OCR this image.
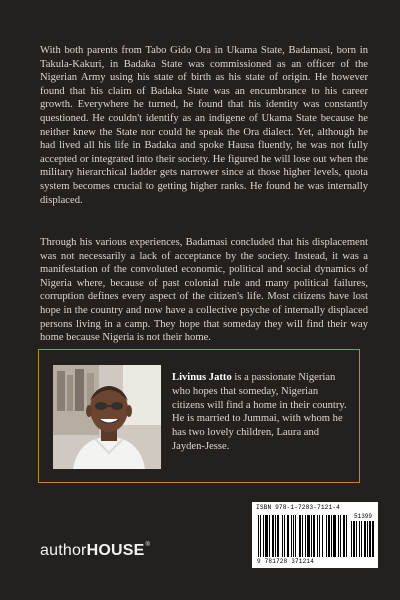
With both parents from Tabo Gido Ora in Ukama State, Badamasi, born in Takula-Kakuri, in Badaka State was commissioned as an officer of the Nigerian Army using his state of birth as his state of origin. He however found that his claim of Badaka State was an encumbrance to his career growth. Everywhere he turned, he found that his identity was constantly questioned. He couldn't identify as an indigene of Ukama State because he neither knew the State nor could he speak the Ora dialect. Yet, although he had lived all his life in Badaka and spoke Hausa fluently, he was not fully accepted or integrated into their society. He figured he will lose out when the military hierarchical ladder gets narrower since at those higher levels, quota system becomes crucial to getting higher ranks. He found he was internally displaced.

Through his various experiences, Badamasi concluded that his displacement was not necessarily a lack of acceptance by the society. Instead, it was a manifestation of the convoluted economic, political and social dynamics of Nigeria where, because of past colonial rule and many political failures, corruption defines every aspect of the citizen's life. Most citizens have lost hope in the country and now have a collective psyche of internally displaced persons living in a camp. They hope that someday they will find their way home because Nigeria is not their home.

Livinus Jatto is a passionate Nigerian who hopes that someday, Nigerian citizens will find a home in their country. He is married to Jummai, with whom he has two lovely children, Laura and Jayden-Jesse.

authorHOUSE®

ISBN 978-1-7283-7121-4

51399

9 781728 371214
